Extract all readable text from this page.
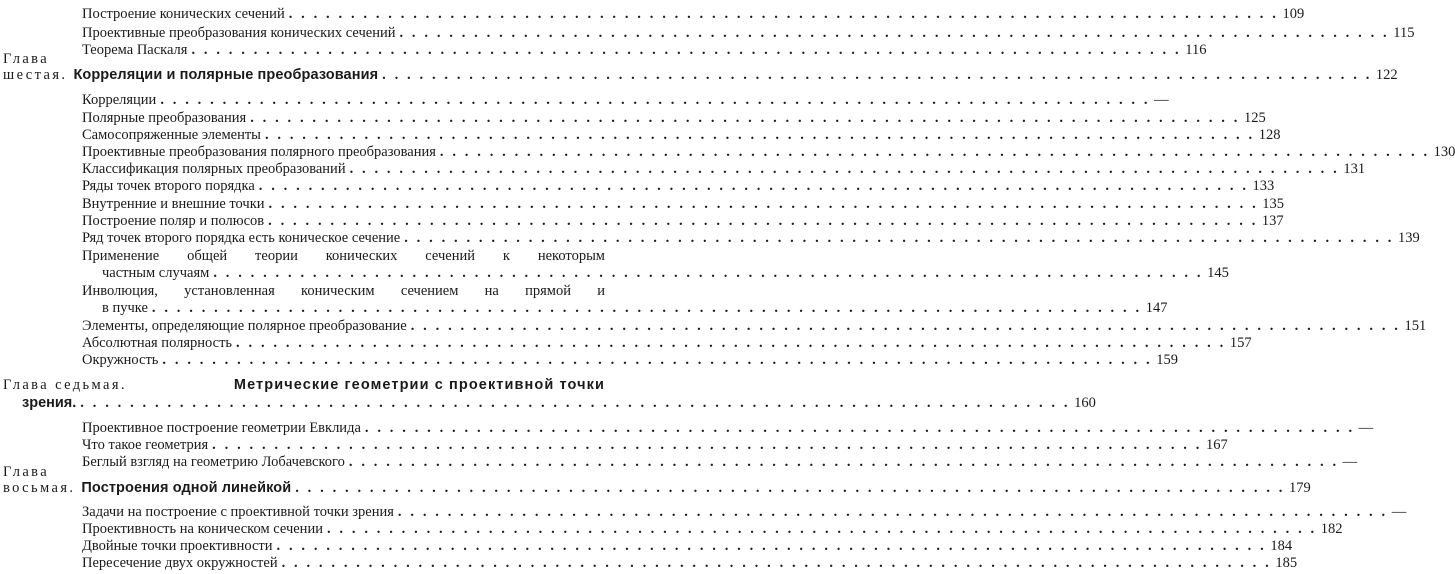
Построение конических сечений . . . . . . . . . . . . . . . . . . . . . . . . . . . . . . . . . . . . . . . . . . . . . . . . . . . . . . . . . . . . . . . . . . . . . . . . . . . . . . . . 109
Проективные преобразования конических сечений . . . . . . . . . . . . . . . . . . . . . . . . . . . . . . . . . . . . . . . . . . . . . . . . . . . . . . . . . . . . . . . . . . . . . . . . . . . . . . . . 115
Теорема Паскаля . . . . . . . . . . . . . . . . . . . . . . . . . . . . . . . . . . . . . . . . . . . . . . . . . . . . . . . . . . . . . . . . . . . . . . . . . . . . . . . . 116
Глава шестая. Корреляции и полярные преобразования . . . . . . . . . . . . . . . . . . . . . . . . . . . . . . . . . . . . . . . . . . . . . . . . . . . . . . . . . . . . . . . . . . . . . . . . . . . . . . . . 122
Корреляции . . . . . . . . . . . . . . . . . . . . . . . . . . . . . . . . . . . . . . . . . . . . . . . . . . . . . . . . . . . . . . . . . . . . . . . . . . . . . . . . —
Полярные преобразования . . . . . . . . . . . . . . . . . . . . . . . . . . . . . . . . . . . . . . . . . . . . . . . . . . . . . . . . . . . . . . . . . . . . . . . . . . . . . . . . 125
Самосопряженные элементы . . . . . . . . . . . . . . . . . . . . . . . . . . . . . . . . . . . . . . . . . . . . . . . . . . . . . . . . . . . . . . . . . . . . . . . . . . . . . . . . 128
Проективные преобразования полярного преобразования . . . . . . . . . . . . . . . . . . . . . . . . . . . . . . . . . . . . . . . . . . . . . . . . . . . . . . . . . . . . . . . . . . . . . . . . . . . . . . . . 130
Классификация полярных преобразований . . . . . . . . . . . . . . . . . . . . . . . . . . . . . . . . . . . . . . . . . . . . . . . . . . . . . . . . . . . . . . . . . . . . . . . . . . . . . . . . 131
Ряды точек второго порядка . . . . . . . . . . . . . . . . . . . . . . . . . . . . . . . . . . . . . . . . . . . . . . . . . . . . . . . . . . . . . . . . . . . . . . . . . . . . . . . . 133
Внутренние и внешние точки . . . . . . . . . . . . . . . . . . . . . . . . . . . . . . . . . . . . . . . . . . . . . . . . . . . . . . . . . . . . . . . . . . . . . . . . . . . . . . . . 135
Построение поляр и полюсов . . . . . . . . . . . . . . . . . . . . . . . . . . . . . . . . . . . . . . . . . . . . . . . . . . . . . . . . . . . . . . . . . . . . . . . . . . . . . . . . 137
Ряд точек второго порядка есть коническое сечение . . . . . . . . . . . . . . . . . . . . . . . . . . . . . . . . . . . . . . . . . . . . . . . . . . . . . . . . . . . . . . . . . . . . . . . . . . . . . . . . 139
Применение общей теории конических сечений к некоторым
частным случаям . . . . . . . . . . . . . . . . . . . . . . . . . . . . . . . . . . . . . . . . . . . . . . . . . . . . . . . . . . . . . . . . . . . . . . . . . . . . . . . . 145
Инволюция, установленная коническим сечением на прямой и
в пучке . . . . . . . . . . . . . . . . . . . . . . . . . . . . . . . . . . . . . . . . . . . . . . . . . . . . . . . . . . . . . . . . . . . . . . . . . . . . . . . . 147
Элементы, определяющие полярное преобразование . . . . . . . . . . . . . . . . . . . . . . . . . . . . . . . . . . . . . . . . . . . . . . . . . . . . . . . . . . . . . . . . . . . . . . . . . . . . . . . . 151
Абсолютная полярность . . . . . . . . . . . . . . . . . . . . . . . . . . . . . . . . . . . . . . . . . . . . . . . . . . . . . . . . . . . . . . . . . . . . . . . . . . . . . . . . 157
Окружность . . . . . . . . . . . . . . . . . . . . . . . . . . . . . . . . . . . . . . . . . . . . . . . . . . . . . . . . . . . . . . . . . . . . . . . . . . . . . . . . 159
Глава седьмая.	Метрические геометрии с проективной точки
зрения. . . . . . . . . . . . . . . . . . . . . . . . . . . . . . . . . . . . . . . . . . . . . . . . . . . . . . . . . . . . . . . . . . . . . . . . . . . . . . . . . 160
Проективное построение геометрии Евклида . . . . . . . . . . . . . . . . . . . . . . . . . . . . . . . . . . . . . . . . . . . . . . . . . . . . . . . . . . . . . . . . . . . . . . . . . . . . . . . . —
Что такое геометрия . . . . . . . . . . . . . . . . . . . . . . . . . . . . . . . . . . . . . . . . . . . . . . . . . . . . . . . . . . . . . . . . . . . . . . . . . . . . . . . . 167
Беглый взгляд на геометрию Лобачевского . . . . . . . . . . . . . . . . . . . . . . . . . . . . . . . . . . . . . . . . . . . . . . . . . . . . . . . . . . . . . . . . . . . . . . . . . . . . . . . . —
Глава восьмая. Построения одной линейкой . . . . . . . . . . . . . . . . . . . . . . . . . . . . . . . . . . . . . . . . . . . . . . . . . . . . . . . . . . . . . . . . . . . . . . . . . . . . . . . . 179
Задачи на построение с проективной точки зрения . . . . . . . . . . . . . . . . . . . . . . . . . . . . . . . . . . . . . . . . . . . . . . . . . . . . . . . . . . . . . . . . . . . . . . . . . . . . . . . . —
Проективность на коническом сечении . . . . . . . . . . . . . . . . . . . . . . . . . . . . . . . . . . . . . . . . . . . . . . . . . . . . . . . . . . . . . . . . . . . . . . . . . . . . . . . . 182
Двойные точки проективности . . . . . . . . . . . . . . . . . . . . . . . . . . . . . . . . . . . . . . . . . . . . . . . . . . . . . . . . . . . . . . . . . . . . . . . . . . . . . . . . 184
Пересечение двух окружностей . . . . . . . . . . . . . . . . . . . . . . . . . . . . . . . . . . . . . . . . . . . . . . . . . . . . . . . . . . . . . . . . . . . . . . . . . . . . . . . . 185
